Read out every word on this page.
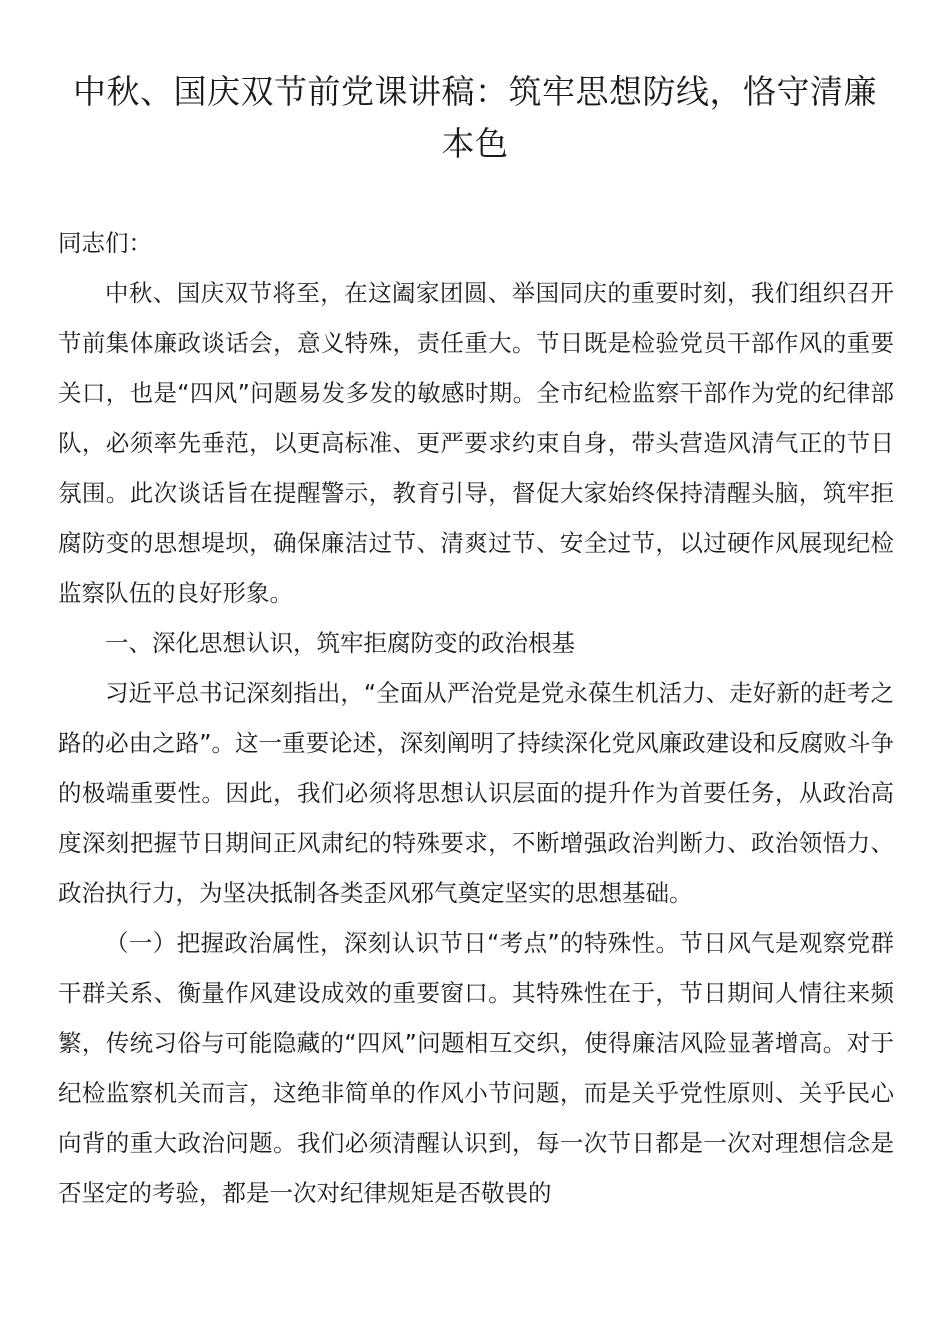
中秋、国庆双节前党课讲稿：筑牢思想防线，恪守清廉本色

同志们：

中秋、国庆双节将至，在这阖家团圆、举国同庆的重要时刻，我们组织召开节前集体廉政谈话会，意义特殊，责任重大。节日既是检验党员干部作风的重要关口，也是“四风”问题易发多发的敏感时期。全市纪检监察干部作为党的纪律部队，必须率先垂范，以更高标准、更严要求约束自身，带头营造风清气正的节日氛围。此次谈话旨在提醒警示，教育引导，督促大家始终保持清醒头脑，筑牢拒腐防变的思想堤坝，确保廉洁过节、清爽过节、安全过节，以过硬作风展现纪检监察队伍的良好形象。

一、深化思想认识，筑牢拒腐防变的政治根基

习近平总书记深刻指出，“全面从严治党是党永葆生机活力、走好新的赶考之路的必由之路”。这一重要论述，深刻阐明了持续深化党风廉政建设和反腐败斗争的极端重要性。因此，我们必须将思想认识层面的提升作为首要任务，从政治高度深刻把握节日期间正风肃纪的特殊要求，不断增强政治判断力、政治领悟力、政治执行力，为坚决抵制各类歪风邪气奠定坚实的思想基础。

（一）把握政治属性，深刻认识节日“考点”的特殊性。节日风气是观察党群干群关系、衡量作风建设成效的重要窗口。其特殊性在于，节日期间人情往来频繁，传统习俗与可能隐藏的“四风”问题相互交织，使得廉洁风险显著增高。对于纪检监察机关而言，这绝非简单的作风小节问题，而是关乎党性原则、关乎民心向背的重大政治问题。我们必须清醒认识到，每一次节日都是一次对理想信念是否坚定的考验，都是一次对纪律规矩是否敬畏的
